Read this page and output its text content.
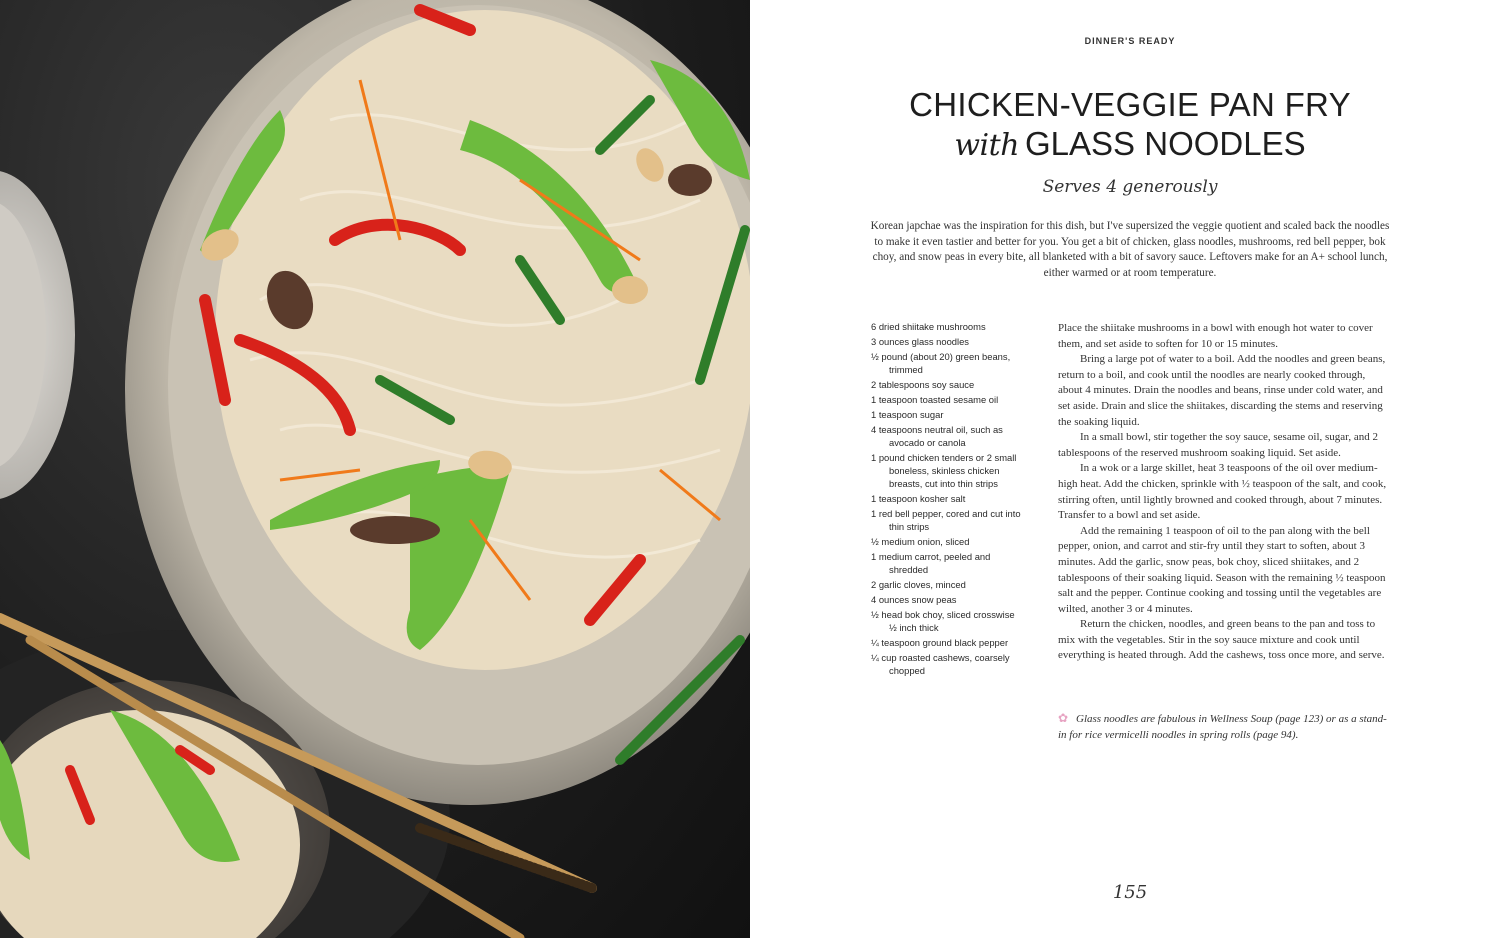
DINNER'S READY
CHICKEN-VEGGIE PAN FRY
with GLASS NOODLES
Serves 4 generously

Korean japchae was the inspiration for this dish, but I've supersized the veggie quotient and scaled back the noodles to make it even tastier and better for you. You get a bit of chicken, glass noodles, mushrooms, red bell pepper, bok choy, and snow peas in every bite, all blanketed with a bit of savory sauce. Leftovers make for an A+ school lunch, either warmed or at room temperature.

6 dried shiitake mushrooms
3 ounces glass noodles
½ pound (about 20) green beans, trimmed
2 tablespoons soy sauce
1 teaspoon toasted sesame oil
1 teaspoon sugar
4 teaspoons neutral oil, such as avocado or canola
1 pound chicken tenders or 2 small boneless, skinless chicken breasts, cut into thin strips
1 teaspoon kosher salt
1 red bell pepper, cored and cut into thin strips
½ medium onion, sliced
1 medium carrot, peeled and shredded
2 garlic cloves, minced
4 ounces snow peas
½ head bok choy, sliced crosswise ½ inch thick
¼ teaspoon ground black pepper
¼ cup roasted cashews, coarsely chopped

Place the shiitake mushrooms in a bowl with enough hot water to cover them, and set aside to soften for 10 or 15 minutes.

Bring a large pot of water to a boil. Add the noodles and green beans, return to a boil, and cook until the noodles are nearly cooked through, about 4 minutes. Drain the noodles and beans, rinse under cold water, and set aside. Drain and slice the shiitakes, discarding the stems and reserving the soaking liquid.

In a small bowl, stir together the soy sauce, sesame oil, sugar, and 2 tablespoons of the reserved mushroom soaking liquid. Set aside.

In a wok or a large skillet, heat 3 teaspoons of the oil over medium-high heat. Add the chicken, sprinkle with ½ teaspoon of the salt, and cook, stirring often, until lightly browned and cooked through, about 7 minutes. Transfer to a bowl and set aside.

Add the remaining 1 teaspoon of oil to the pan along with the bell pepper, onion, and carrot and stir-fry until they start to soften, about 3 minutes. Add the garlic, snow peas, bok choy, sliced shiitakes, and 2 tablespoons of their soaking liquid. Season with the remaining ½ teaspoon salt and the pepper. Continue cooking and tossing until the vegetables are wilted, another 3 or 4 minutes.

Return the chicken, noodles, and green beans to the pan and toss to mix with the vegetables. Stir in the soy sauce mixture and cook until everything is heated through. Add the cashews, toss once more, and serve.

✿ Glass noodles are fabulous in Wellness Soup (page 123) or as a stand-in for rice vermicelli noodles in spring rolls (page 94).
155
